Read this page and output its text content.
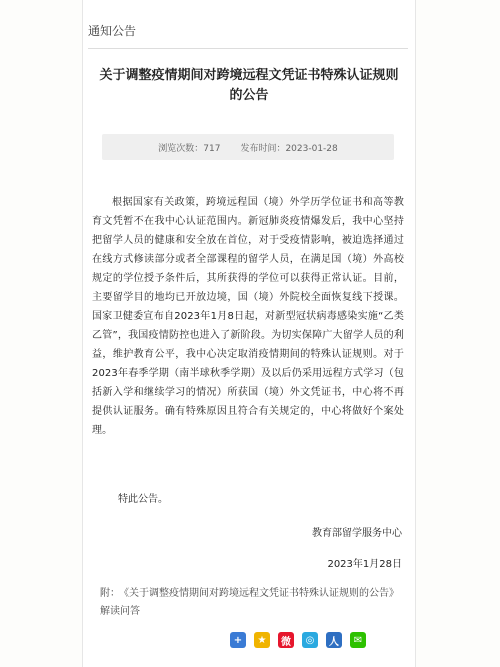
通知公告
关于调整疫情期间对跨境远程文凭证书特殊认证规则的公告
浏览次数：717 发布时间：2023-01-28
根据国家有关政策，跨境远程国（境）外学历学位证书和高等教育文凭暂不在我中心认证范围内。新冠肺炎疫情爆发后，我中心坚持把留学人员的健康和安全放在首位，对于受疫情影响，被迫选择通过在线方式修读部分或者全部课程的留学人员，在满足国（境）外高校规定的学位授予条件后，其所获得的学位可以获得正常认证。目前，主要留学目的地均已开放边境，国（境）外院校全面恢复线下授课。国家卫健委宣布自2023年1月8日起，对新型冠状病毒感染实施“乙类乙管”，我国疫情防控也进入了新阶段。为切实保障广大留学人员的利益，维护教育公平，我中心决定取消疫情期间的特殊认证规则。对于2023年春季学期（南半球秋季学期）及以后仍采用远程方式学习（包括新入学和继续学习的情况）所获国（境）外文凭证书，中心将不再提供认证服务。确有特殊原因且符合有关规定的，中心将做好个案处理。
特此公告。
教育部留学服务中心
2023年1月28日
附： 《关于调整疫情期间对跨境远程文凭证书特殊认证规则的公告》解读问答
+	★	微	◎	人	✉
